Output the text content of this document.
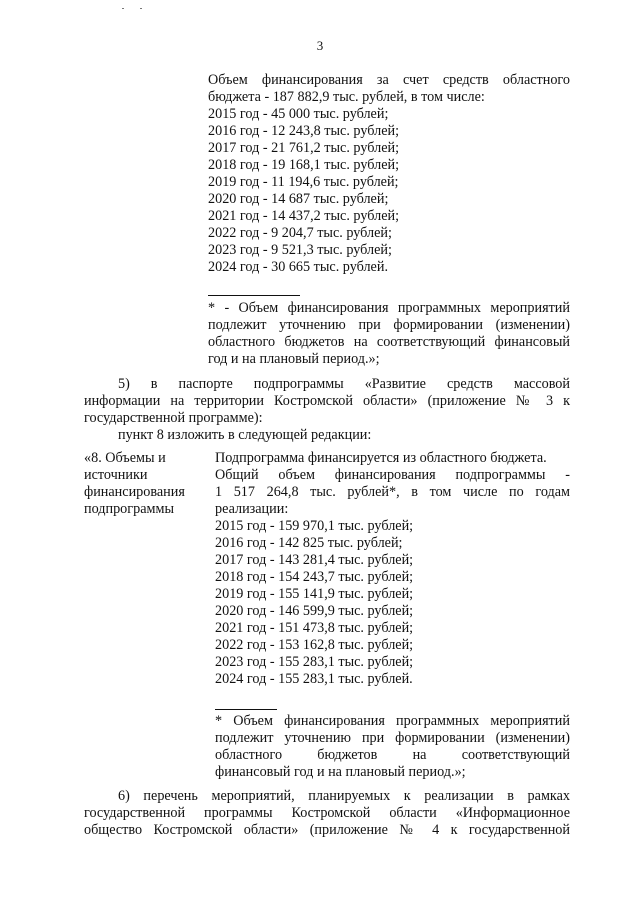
3
Объем финансирования за счет средств областного
бюджета - 187 882,9 тыс. рублей, в том числе:
2015 год - 45 000 тыс. рублей;
2016 год - 12 243,8 тыс. рублей;
2017 год - 21 761,2 тыс. рублей;
2018 год - 19 168,1 тыс. рублей;
2019 год - 11 194,6 тыс. рублей;
2020 год - 14 687 тыс. рублей;
2021 год - 14 437,2 тыс. рублей;
2022 год - 9 204,7 тыс. рублей;
2023 год - 9 521,3 тыс. рублей;
2024 год - 30 665 тыс. рублей.
* - Объем финансирования программных мероприятий
подлежит уточнению при формировании (изменении)
областного бюджетов на соответствующий финансовый
год и на плановый период.»;
5) в паспорте подпрограммы «Развитие средств массовой
информации на территории Костромской области» (приложение № 3 к
государственной программе):
пункт 8 изложить в следующей редакции:
«8. Объемы и
источники
финансирования
подпрограммы
Подпрограмма финансируется из областного бюджета.
Общий объем финансирования подпрограммы -
1 517 264,8 тыс. рублей*, в том числе по годам
реализации:
2015 год - 159 970,1 тыс. рублей;
2016 год - 142 825 тыс. рублей;
2017 год - 143 281,4 тыс. рублей;
2018 год - 154 243,7 тыс. рублей;
2019 год - 155 141,9 тыс. рублей;
2020 год - 146 599,9 тыс. рублей;
2021 год - 151 473,8 тыс. рублей;
2022 год - 153 162,8 тыс. рублей;
2023 год - 155 283,1 тыс. рублей;
2024 год - 155 283,1 тыс. рублей.
* Объем финансирования программных мероприятий
подлежит уточнению при формировании (изменении)
областного бюджетов на соответствующий
финансовый год и на плановый период.»;
6) перечень мероприятий, планируемых к реализации в рамках
государственной программы Костромской области «Информационное
общество Костромской области» (приложение № 4 к государственной
